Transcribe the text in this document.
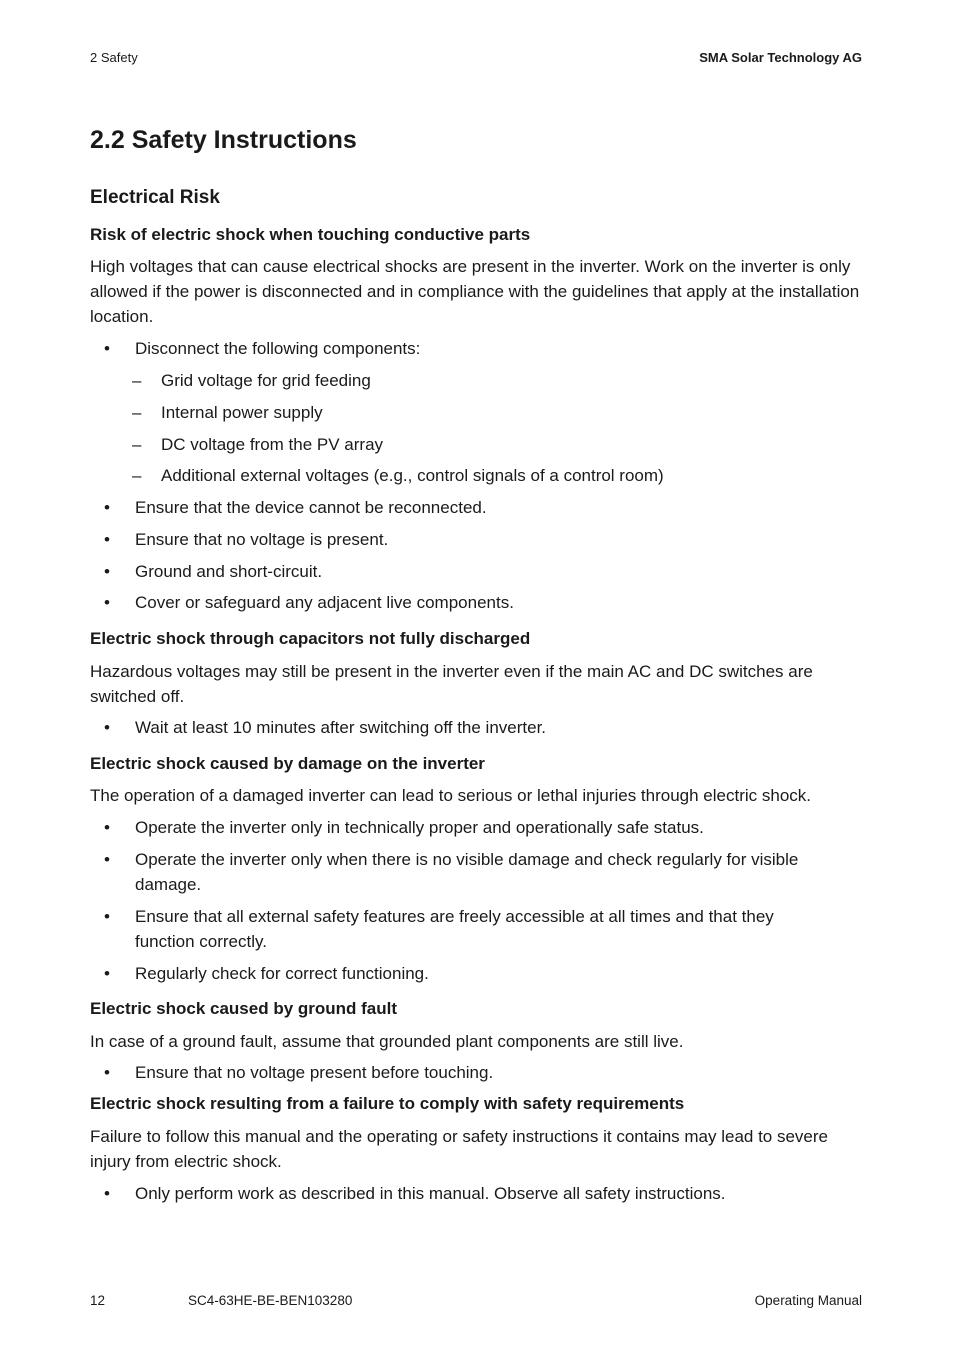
2 Safety	SMA Solar Technology AG
2.2 Safety Instructions
Electrical Risk
Risk of electric shock when touching conductive parts

High voltages that can cause electrical shocks are present in the inverter. Work on the inverter is only allowed if the power is disconnected and in compliance with the guidelines that apply at the installation location.

•	Disconnect the following components:
–	Grid voltage for grid feeding
–	Internal power supply
–	DC voltage from the PV array
–	Additional external voltages (e.g., control signals of a control room)
•	Ensure that the device cannot be reconnected.
•	Ensure that no voltage is present.
•	Ground and short-circuit.
•	Cover or safeguard any adjacent live components.
Electric shock through capacitors not fully discharged

Hazardous voltages may still be present in the inverter even if the main AC and DC switches are switched off.

•	Wait at least 10 minutes after switching off the inverter.
Electric shock caused by damage on the inverter

The operation of a damaged inverter can lead to serious or lethal injuries through electric shock.

•	Operate the inverter only in technically proper and operationally safe status.
•	Operate the inverter only when there is no visible damage and check regularly for visible damage.
•	Ensure that all external safety features are freely accessible at all times and that they function correctly.
•	Regularly check for correct functioning.
Electric shock caused by ground fault

In case of a ground fault, assume that grounded plant components are still live.

•	Ensure that no voltage present before touching.
Electric shock resulting from a failure to comply with safety requirements

Failure to follow this manual and the operating or safety instructions it contains may lead to severe injury from electric shock.

•	Only perform work as described in this manual. Observe all safety instructions.
12	SC4-63HE-BE-BEN103280	Operating Manual
